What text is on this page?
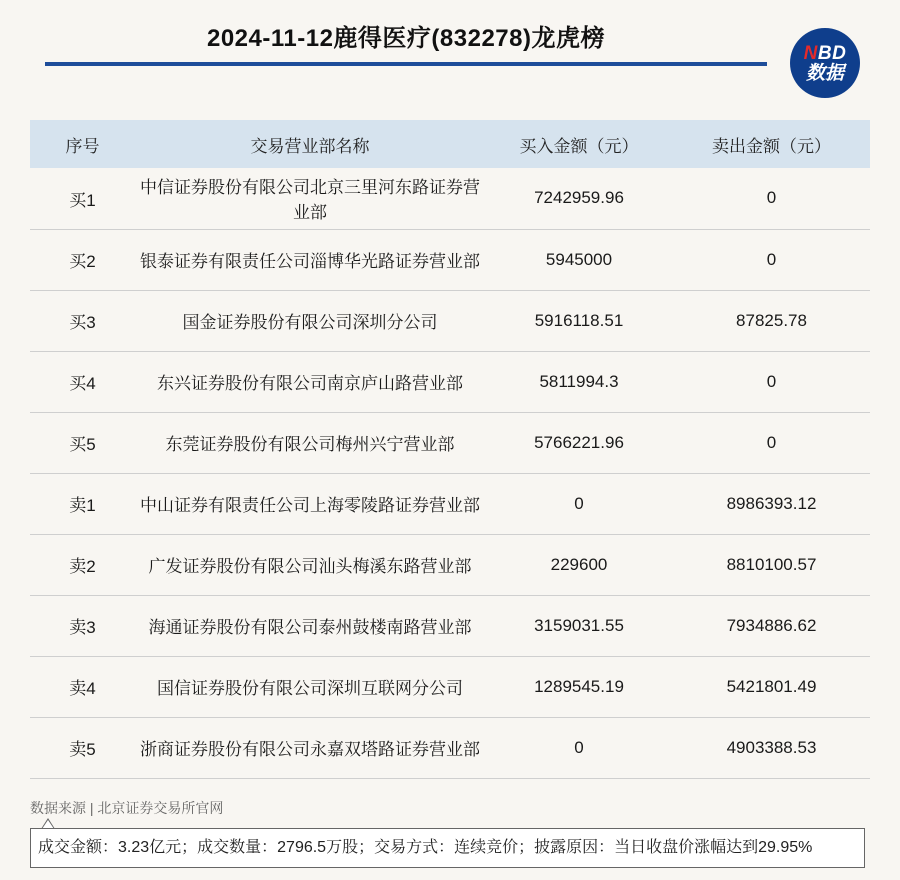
2024-11-12鹿得医疗(832278)龙虎榜
NBD
数据
序号	交易营业部名称	买入金额（元）	卖出金额（元）
买1	中信证券股份有限公司北京三里河东路证券营业部	7242959.96	0
买2	银泰证券有限责任公司淄博华光路证券营业部	5945000	0
买3	国金证券股份有限公司深圳分公司	5916118.51	87825.78
买4	东兴证券股份有限公司南京庐山路营业部	5811994.3	0
买5	东莞证券股份有限公司梅州兴宁营业部	5766221.96	0
卖1	中山证券有限责任公司上海零陵路证券营业部	0	8986393.12
卖2	广发证券股份有限公司汕头梅溪东路营业部	229600	8810100.57
卖3	海通证券股份有限公司泰州鼓楼南路营业部	3159031.55	7934886.62
卖4	国信证券股份有限公司深圳互联网分公司	1289545.19	5421801.49
卖5	浙商证券股份有限公司永嘉双塔路证券营业部	0	4903388.53
数据来源 | 北京证券交易所官网
成交金额：3.23亿元；成交数量：2796.5万股；交易方式：连续竞价；披露原因：当日收盘价涨幅达到29.95%
